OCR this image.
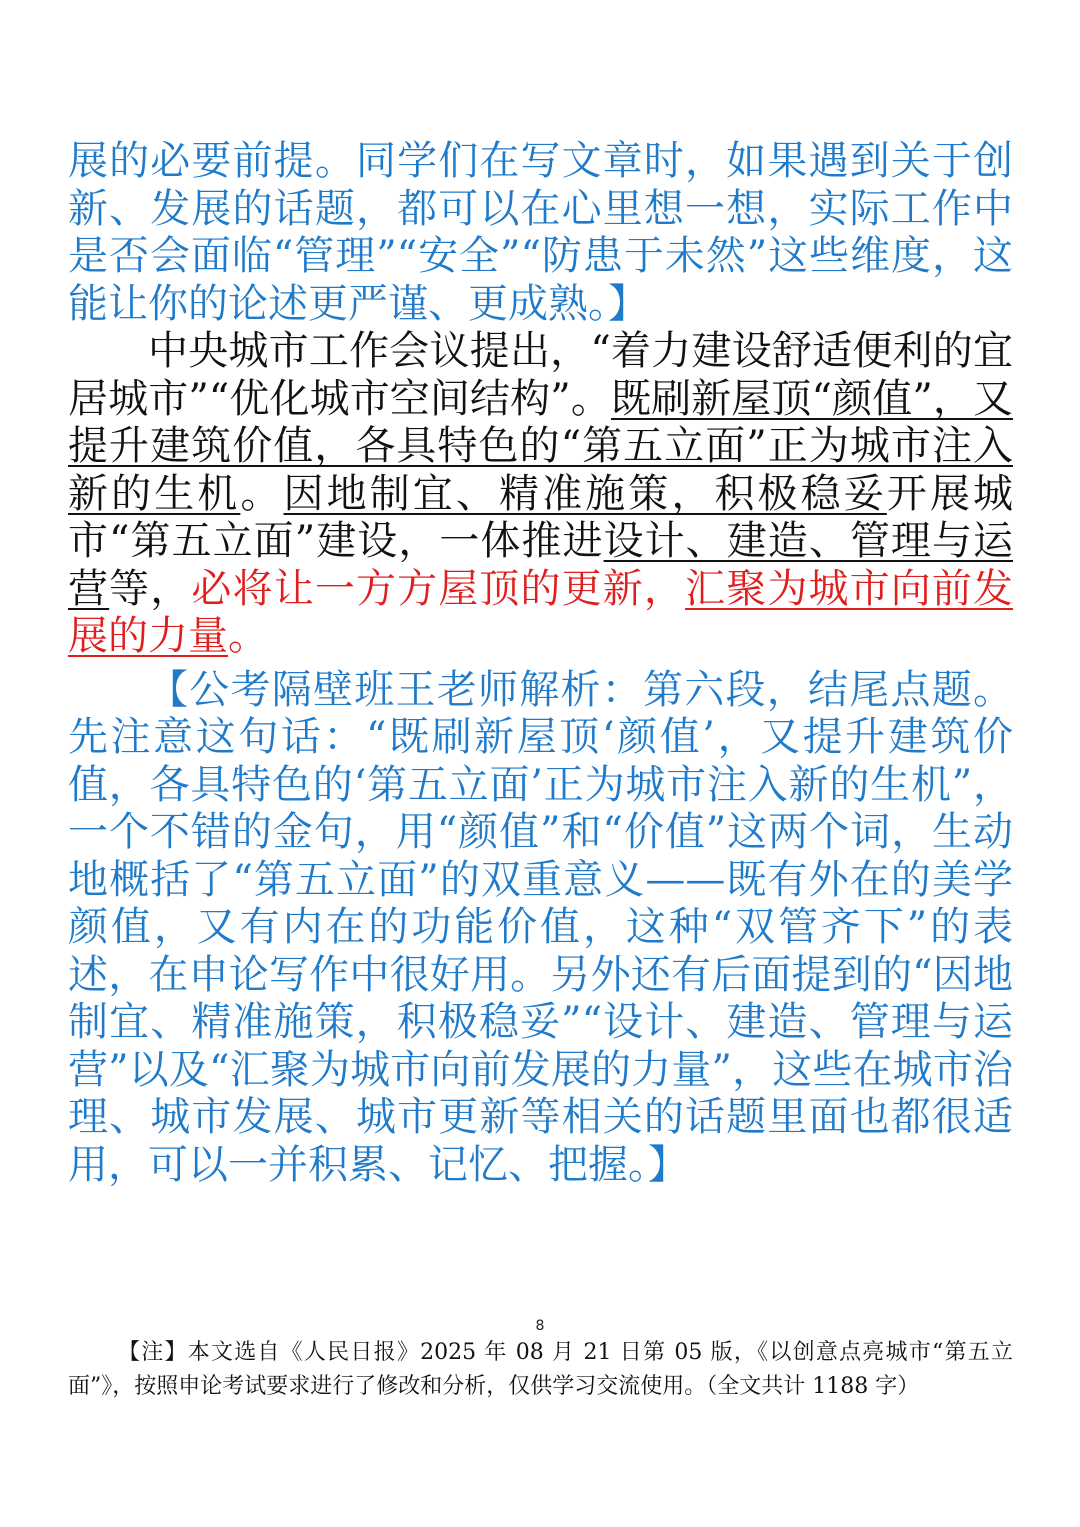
展的必要前提。同学们在写文章时，如果遇到关于创新、发展的话题，都可以在心里想一想，实际工作中是否会面临“管理”“安全”“防患于未然”这些维度，这能让你的论述更严谨、更成熟。】

中央城市工作会议提出，“着力建设舒适便利的宜居城市”“优化城市空间结构”。既刷新屋顶“颜值”，又提升建筑价值，各具特色的“第五立面”正为城市注入新的生机。因地制宜、精准施策，积极稳妥开展城市“第五立面”建设，一体推进设计、建造、管理与运营等，必将让一方方屋顶的更新，汇聚为城市向前发展的力量。

【公考隔壁班王老师解析：第六段，结尾点题。先注意这句话：“既刷新屋顶‘颜值’，又提升建筑价值，各具特色的‘第五立面’正为城市注入新的生机”，一个不错的金句，用“颜值”和“价值”这两个词，生动地概括了“第五立面”的双重意义——既有外在的美学颜值，又有内在的功能价值，这种“双管齐下”的表述，在申论写作中很好用。另外还有后面提到的“因地制宜、精准施策，积极稳妥”“设计、建造、管理与运营”以及“汇聚为城市向前发展的力量”，这些在城市治理、城市发展、城市更新等相关的话题里面也都很适用，可以一并积累、记忆、把握。】

8

【注】本文选自《人民日报》2025 年 08 月 21 日第 05 版，《以创意点亮城市“第五立面”》，按照申论考试要求进行了修改和分析，仅供学习交流使用。（全文共计 1188 字）
